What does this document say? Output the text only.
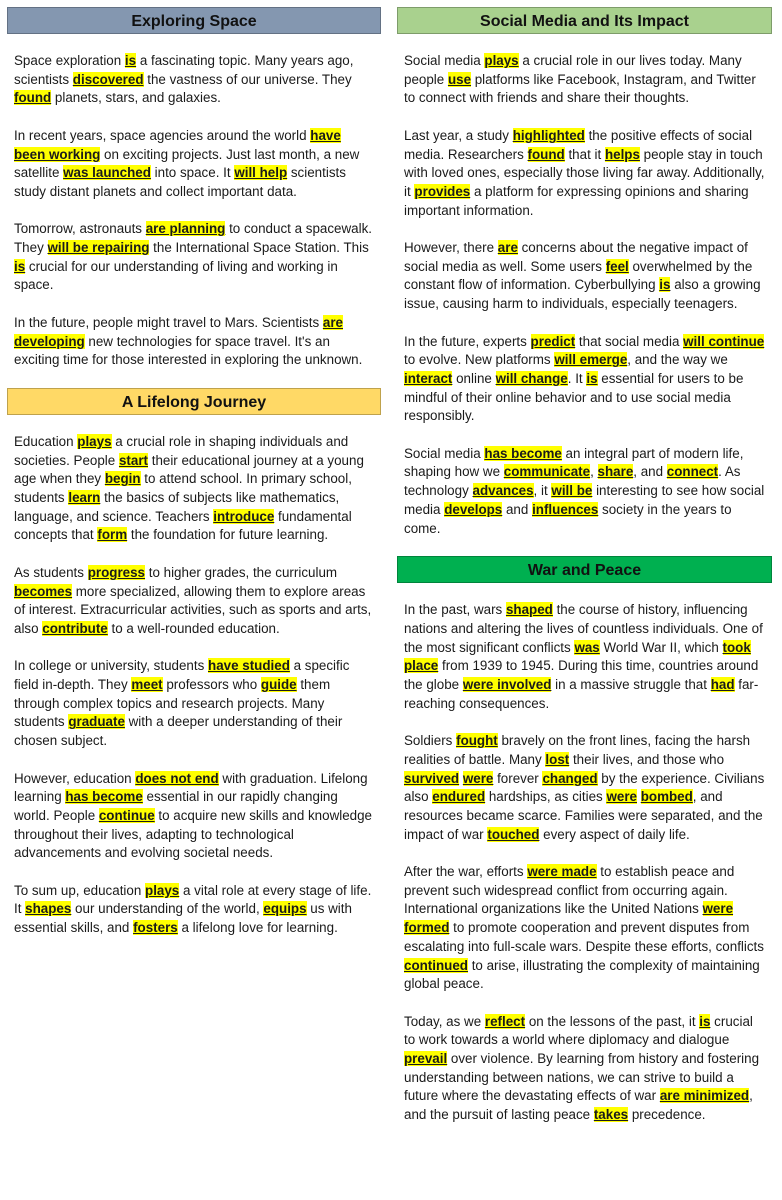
Exploring Space

Space exploration is a fascinating topic. Many years ago, scientists discovered the vastness of our universe. They found planets, stars, and galaxies.

In recent years, space agencies around the world have been working on exciting projects. Just last month, a new satellite was launched into space. It will help scientists study distant planets and collect important data.

Tomorrow, astronauts are planning to conduct a spacewalk. They will be repairing the International Space Station. This is crucial for our understanding of living and working in space.

In the future, people might travel to Mars. Scientists are developing new technologies for space travel. It's an exciting time for those interested in exploring the unknown.

A Lifelong Journey

Education plays a crucial role in shaping individuals and societies. People start their educational journey at a young age when they begin to attend school. In primary school, students learn the basics of subjects like mathematics, language, and science. Teachers introduce fundamental concepts that form the foundation for future learning.

As students progress to higher grades, the curriculum becomes more specialized, allowing them to explore areas of interest. Extracurricular activities, such as sports and arts, also contribute to a well-rounded education.

In college or university, students have studied a specific field in-depth. They meet professors who guide them through complex topics and research projects. Many students graduate with a deeper understanding of their chosen subject.

However, education does not end with graduation. Lifelong learning has become essential in our rapidly changing world. People continue to acquire new skills and knowledge throughout their lives, adapting to technological advancements and evolving societal needs.

To sum up, education plays a vital role at every stage of life. It shapes our understanding of the world, equips us with essential skills, and fosters a lifelong love for learning.

Social Media and Its Impact

Social media plays a crucial role in our lives today. Many people use platforms like Facebook, Instagram, and Twitter to connect with friends and share their thoughts.

Last year, a study highlighted the positive effects of social media. Researchers found that it helps people stay in touch with loved ones, especially those living far away. Additionally, it provides a platform for expressing opinions and sharing important information.

However, there are concerns about the negative impact of social media as well. Some users feel overwhelmed by the constant flow of information. Cyberbullying is also a growing issue, causing harm to individuals, especially teenagers.

In the future, experts predict that social media will continue to evolve. New platforms will emerge, and the way we interact online will change. It is essential for users to be mindful of their online behavior and to use social media responsibly.

Social media has become an integral part of modern life, shaping how we communicate, share, and connect. As technology advances, it will be interesting to see how social media develops and influences society in the years to come.

War and Peace

In the past, wars shaped the course of history, influencing nations and altering the lives of countless individuals. One of the most significant conflicts was World War II, which took place from 1939 to 1945. During this time, countries around the globe were involved in a massive struggle that had far-reaching consequences.

Soldiers fought bravely on the front lines, facing the harsh realities of battle. Many lost their lives, and those who survived were forever changed by the experience. Civilians also endured hardships, as cities were bombed, and resources became scarce. Families were separated, and the impact of war touched every aspect of daily life.

After the war, efforts were made to establish peace and prevent such widespread conflict from occurring again. International organizations like the United Nations were formed to promote cooperation and prevent disputes from escalating into full-scale wars. Despite these efforts, conflicts continued to arise, illustrating the complexity of maintaining global peace.

Today, as we reflect on the lessons of the past, it is crucial to work towards a world where diplomacy and dialogue prevail over violence. By learning from history and fostering understanding between nations, we can strive to build a future where the devastating effects of war are minimized, and the pursuit of lasting peace takes precedence.
